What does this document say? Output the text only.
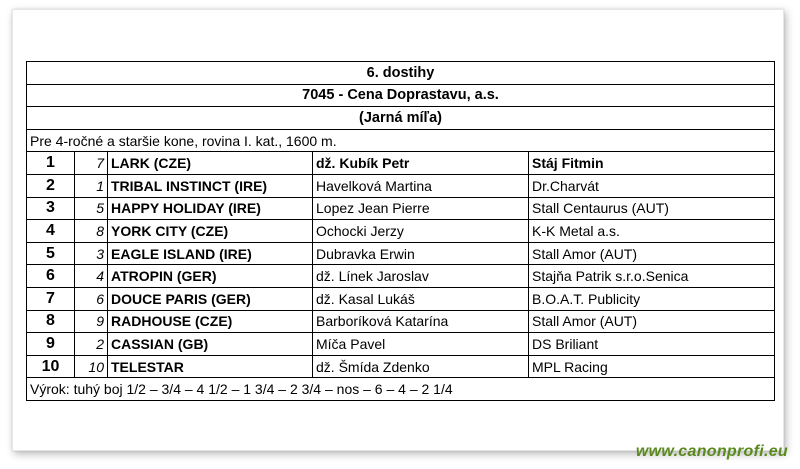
6. dostihy				
7045 - Cena Doprastavu, a.s.				
(Jarná míľa)				
Pre 4-ročné a staršie kone, rovina I. kat., 1600 m.				
1	7	LARK (CZE)	dž. Kubík Petr	Stáj Fitmin
2	1	TRIBAL INSTINCT (IRE)	Havelková Martina	Dr.Charvát
3	5	HAPPY HOLIDAY (IRE)	Lopez Jean Pierre	Stall Centaurus (AUT)
4	8	YORK CITY (CZE)	Ochocki Jerzy	K-K Metal a.s.
5	3	EAGLE ISLAND (IRE)	Dubravka Erwin	Stall Amor (AUT)
6	4	ATROPIN (GER)	dž. Línek Jaroslav	Stajňa Patrik s.r.o.Senica
7	6	DOUCE PARIS (GER)	dž. Kasal Lukáš	B.O.A.T. Publicity
8	9	RADHOUSE (CZE)	Barboríková Katarína	Stall Amor (AUT)
9	2	CASSIAN (GB)	Míča Pavel	DS Briliant
10	10	TELESTAR	dž. Šmída Zdenko	MPL Racing
Výrok: tuhý boj 1/2 – 3/4 – 4 1/2 – 1 3/4 – 2 3/4 – nos – 6 – 4 – 2 1/4				
www.canonprofi.eu
